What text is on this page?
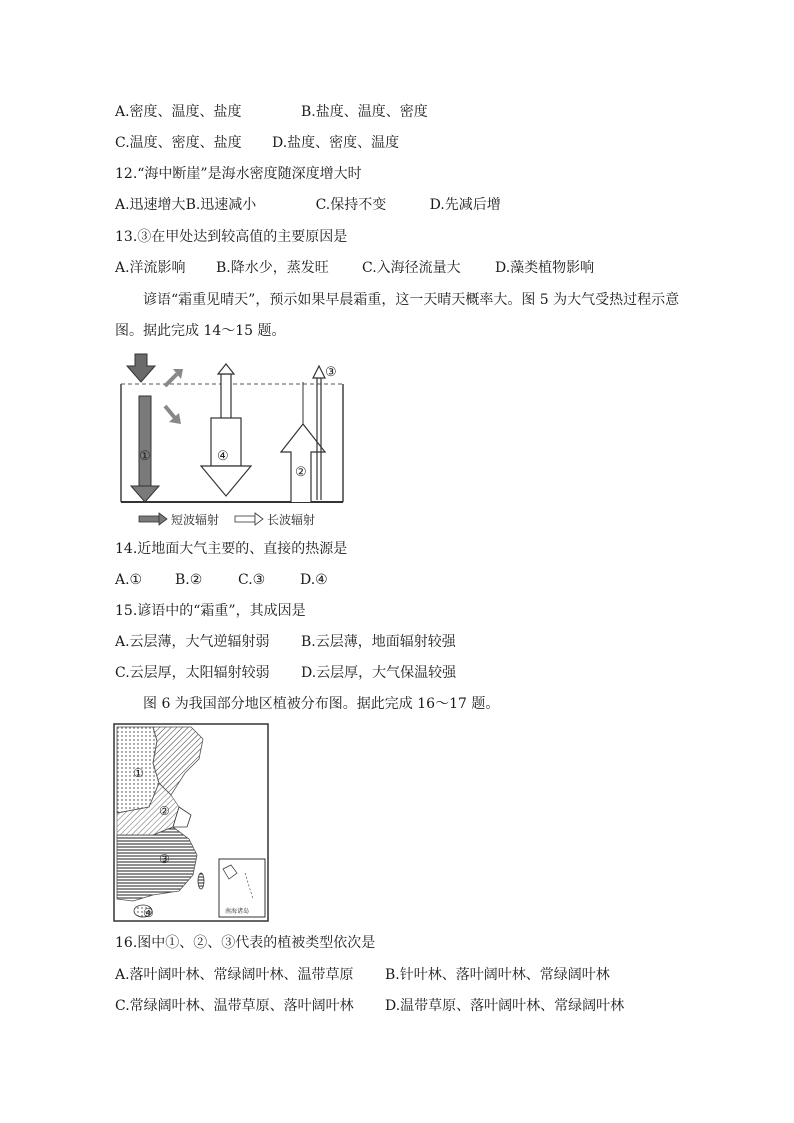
A.密度、温度、盐度	B.盐度、温度、密度
C.温度、密度、盐度 D.盐度、密度、温度
12.“海中断崖”是海水密度随深度增大时
A.迅速增大B.迅速减小	C.保持不变	D.先减后增
13.③在甲处达到较高值的主要原因是
A.洋流影响 B.降水少，蒸发旺 C.入海径流量大 D.藻类植物影响
谚语“霜重见晴天”，预示如果早晨霜重，这一天晴天概率大。图 5 为大气受热过程示意
图。据此完成 14～15 题。
①
②
③
④
短波辐射	长波辐射
14.近地面大气主要的、直接的热源是
A.① B.②	C.③ D.④
15.谚语中的“霜重”，其成因是
A.云层薄，大气逆辐射弱 B.云层薄，地面辐射较强
C.云层厚，太阳辐射较弱 D.云层厚，大气保温较强
图 6 为我国部分地区植被分布图。据此完成 16～17 题。
南海诸岛
①
②
③
④
16.图中①、②、③代表的植被类型依次是
A.落叶阔叶林、常绿阔叶林、温带草原 B.针叶林、落叶阔叶林、常绿阔叶林
C.常绿阔叶林、温带草原、落叶阔叶林 D.温带草原、落叶阔叶林、常绿阔叶林
